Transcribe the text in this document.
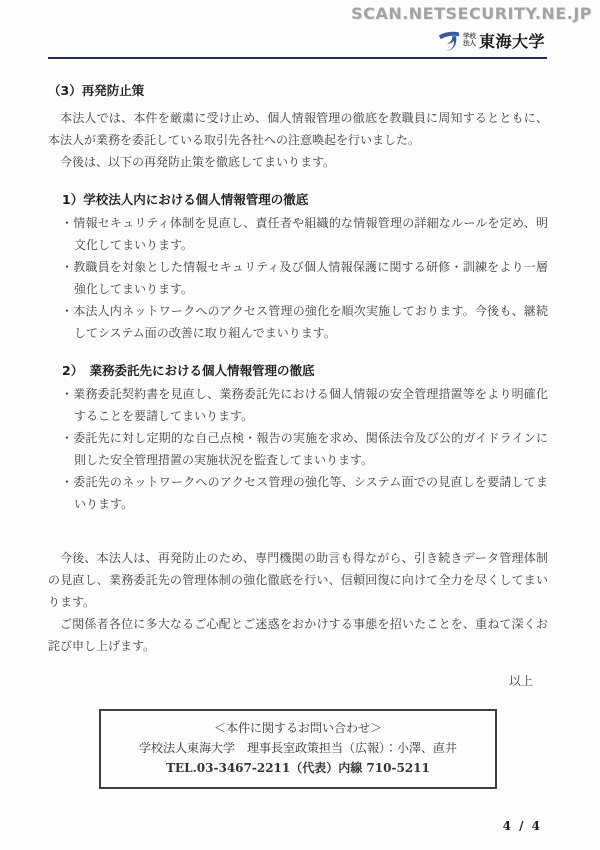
SCAN.NETSECURITY.NE.JP
学校
法人 東海大学
（3）再発防止策
本法人では、本件を厳粛に受け止め、個人情報管理の徹底を教職員に周知するとともに、本法人が業務を委託している取引先各社への注意喚起を行いました。
今後は、以下の再発防止策を徹底してまいります。
1）学校法人内における個人情報管理の徹底
・情報セキュリティ体制を見直し、責任者や組織的な情報管理の詳細なルールを定め、明文化してまいります。
・教職員を対象とした情報セキュリティ及び個人情報保護に関する研修・訓練をより一層強化してまいります。
・本法人内ネットワークへのアクセス管理の強化を順次実施しております。今後も、継続してシステム面の改善に取り組んでまいります。
2）　業務委託先における個人情報管理の徹底
・業務委託契約書を見直し、業務委託先における個人情報の安全管理措置等をより明確化することを要請してまいります。
・委託先に対し定期的な自己点検・報告の実施を求め、関係法令及び公的ガイドラインに則した安全管理措置の実施状況を監査してまいります。
・委託先のネットワークへのアクセス管理の強化等、システム面での見直しを要請してまいります。
今後、本法人は、再発防止のため、専門機関の助言も得ながら、引き続きデータ管理体制の見直し、業務委託先の管理体制の強化徹底を行い、信頼回復に向けて全力を尽くしてまいります。
ご関係者各位に多大なるご心配とご迷惑をおかけする事態を招いたことを、重ねて深くお詫び申し上げます。
以上
＜本件に関するお問い合わせ＞
学校法人東海大学　理事長室政策担当（広報）：小澤、直井
TEL.03-3467-2211（代表）内線 710-5211
4 / 4
